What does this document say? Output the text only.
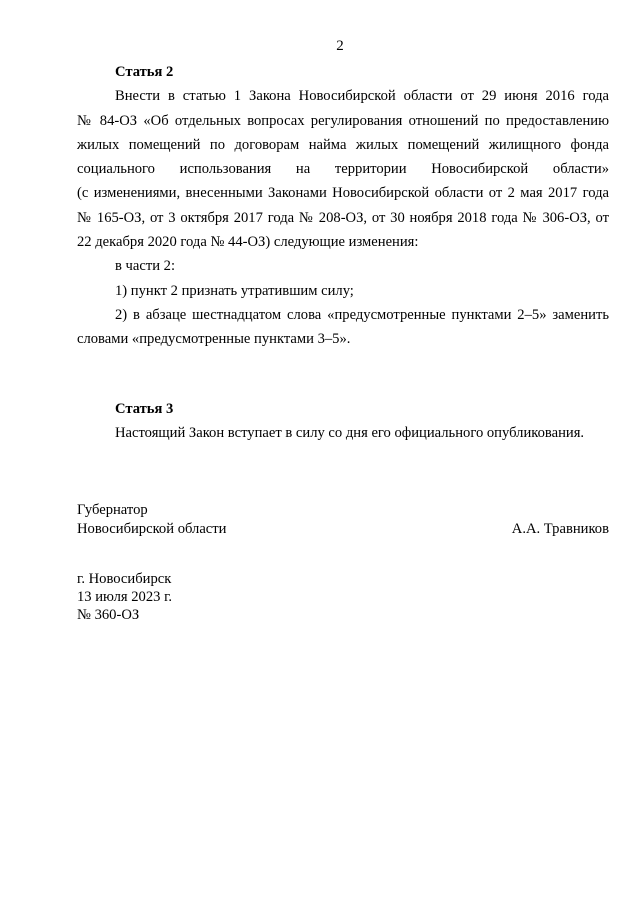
2
Статья 2
Внести в статью 1 Закона Новосибирской области от 29 июня 2016 года
№ 84-ОЗ «Об отдельных вопросах регулирования отношений по предоставлению
жилых помещений по договорам найма жилых помещений жилищного фонда
социального использования на территории Новосибирской области»
(с изменениями, внесенными Законами Новосибирской области от 2 мая 2017 года
№ 165-ОЗ, от 3 октября 2017 года № 208-ОЗ, от 30 ноября 2018 года № 306-ОЗ, от
22 декабря 2020 года № 44-ОЗ) следующие изменения:
в части 2:
1) пункт 2 признать утратившим силу;
2) в абзаце шестнадцатом слова «предусмотренные пунктами 2–5» заменить
словами «предусмотренные пунктами 3–5».
Статья 3
Настоящий Закон вступает в силу со дня его официального опубликования.
Губернатор
Новосибирской области	А.А. Травников
г. Новосибирск
13 июля 2023 г.
№ 360-ОЗ
